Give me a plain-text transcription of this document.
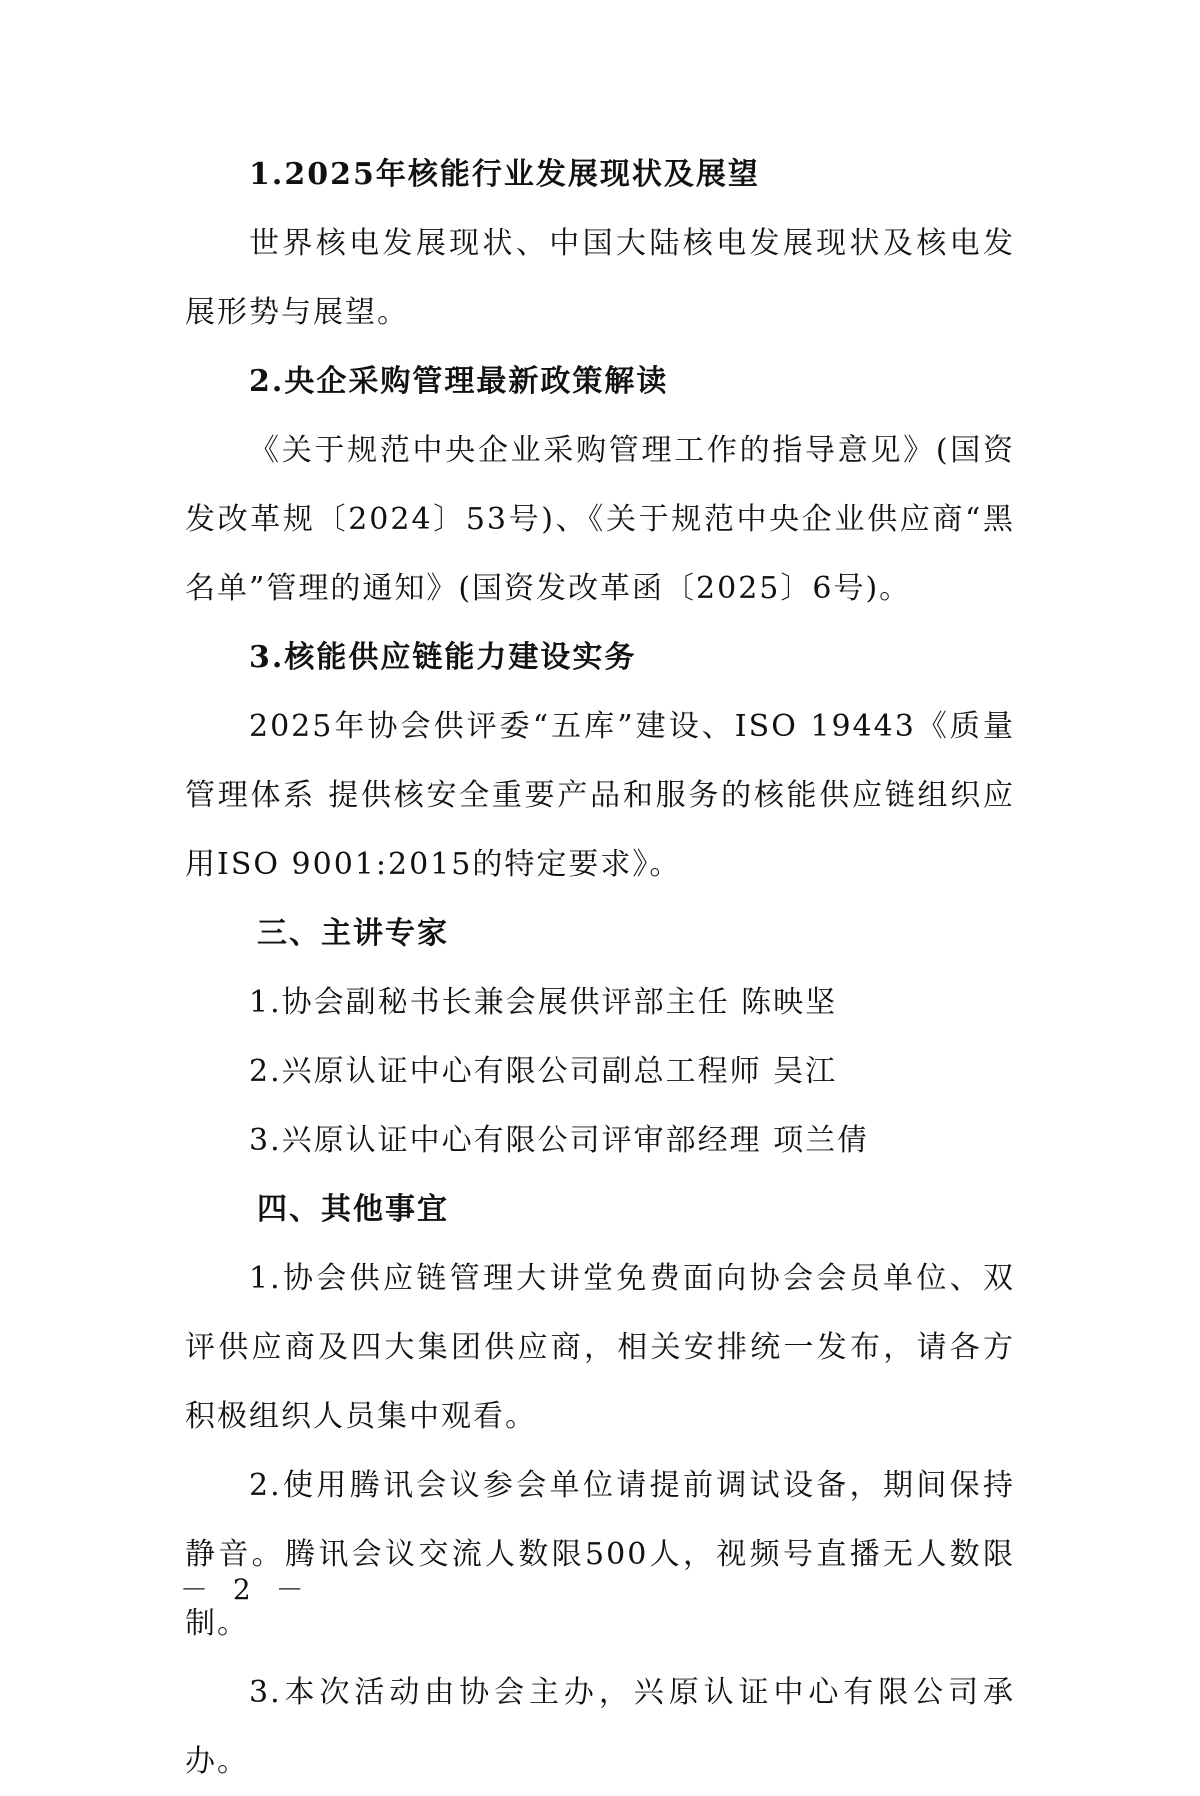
1.2025年核能行业发展现状及展望

世界核电发展现状、中国大陆核电发展现状及核电发展形势与展望。

2.央企采购管理最新政策解读

《关于规范中央企业采购管理工作的指导意见》(国资发改革规〔2024〕53号)、《关于规范中央企业供应商“黑名单”管理的通知》(国资发改革函〔2025〕6号)。

3.核能供应链能力建设实务

2025年协会供评委“五库”建设、ISO 19443《质量管理体系 提供核安全重要产品和服务的核能供应链组织应用ISO 9001:2015的特定要求》。

三、主讲专家

1.协会副秘书长兼会展供评部主任 陈映坚

2.兴原认证中心有限公司副总工程师 吴江

3.兴原认证中心有限公司评审部经理 项兰倩

四、其他事宜

1.协会供应链管理大讲堂免费面向协会会员单位、双评供应商及四大集团供应商，相关安排统一发布，请各方积极组织人员集中观看。

2.使用腾讯会议参会单位请提前调试设备，期间保持静音。腾讯会议交流人数限500人，视频号直播无人数限制。

3.本次活动由协会主办，兴原认证中心有限公司承办。

－ 2 －
